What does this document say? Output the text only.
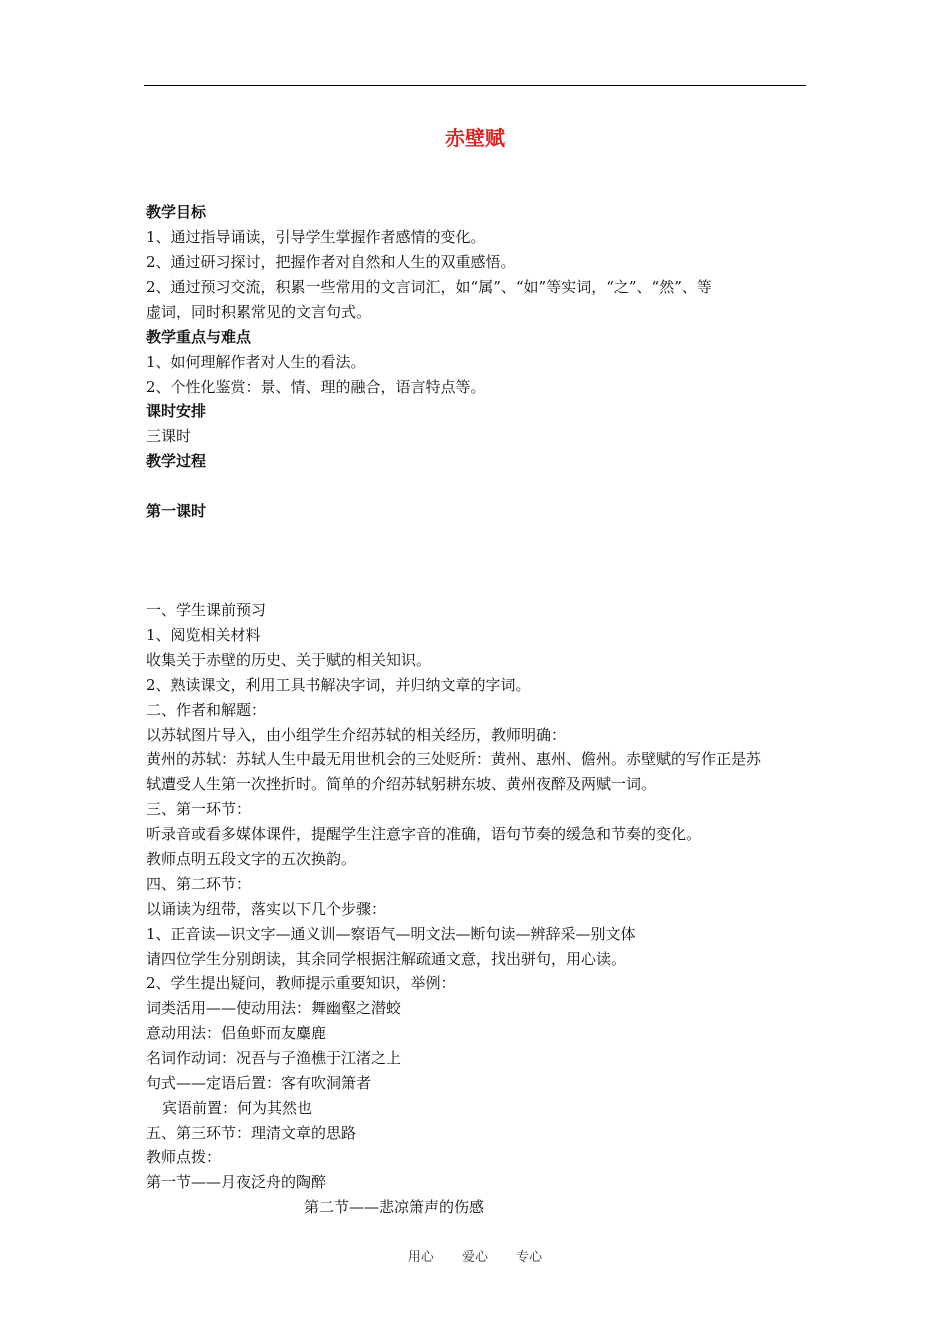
赤壁赋
教学目标
1、通过指导诵读，引导学生掌握作者感情的变化。
2、通过研习探讨，把握作者对自然和人生的双重感悟。
2、通过预习交流，积累一些常用的文言词汇，如“属”、“如”等实词，“之”、“然”、等
虚词，同时积累常见的文言句式。
教学重点与难点
1、如何理解作者对人生的看法。
2、个性化鉴赏：景、情、理的融合，语言特点等。
课时安排
三课时
教学过程
第一课时
一、学生课前预习
1、阅览相关材料
收集关于赤壁的历史、关于赋的相关知识。
2、熟读课文，利用工具书解决字词，并归纳文章的字词。
二、作者和解题：
以苏轼图片导入，由小组学生介绍苏轼的相关经历，教师明确：
黄州的苏轼：苏轼人生中最无用世机会的三处贬所：黄州、惠州、儋州。赤壁赋的写作正是苏
轼遭受人生第一次挫折时。简单的介绍苏轼躬耕东坡、黄州夜醉及两赋一词。
三、第一环节：
听录音或看多媒体课件，提醒学生注意字音的准确，语句节奏的缓急和节奏的变化。
教师点明五段文字的五次换韵。
四、第二环节：
以诵读为纽带，落实以下几个步骤：
1、正音读—识文字—通义训—察语气—明文法—断句读—辨辞采—别文体
请四位学生分别朗读，其余同学根据注解疏通文意，找出骈句，用心读。
2、学生提出疑问，教师提示重要知识，举例：
词类活用——使动用法：舞幽壑之潜蛟
意动用法：侣鱼虾而友麋鹿
名词作动词：况吾与子渔樵于江渚之上
句式——定语后置：客有吹洞箫者
宾语前置：何为其然也
五、第三环节：理清文章的思路
教师点拨：
第一节——月夜泛舟的陶醉
第二节——悲凉箫声的伤感
用心 爱心 专心
